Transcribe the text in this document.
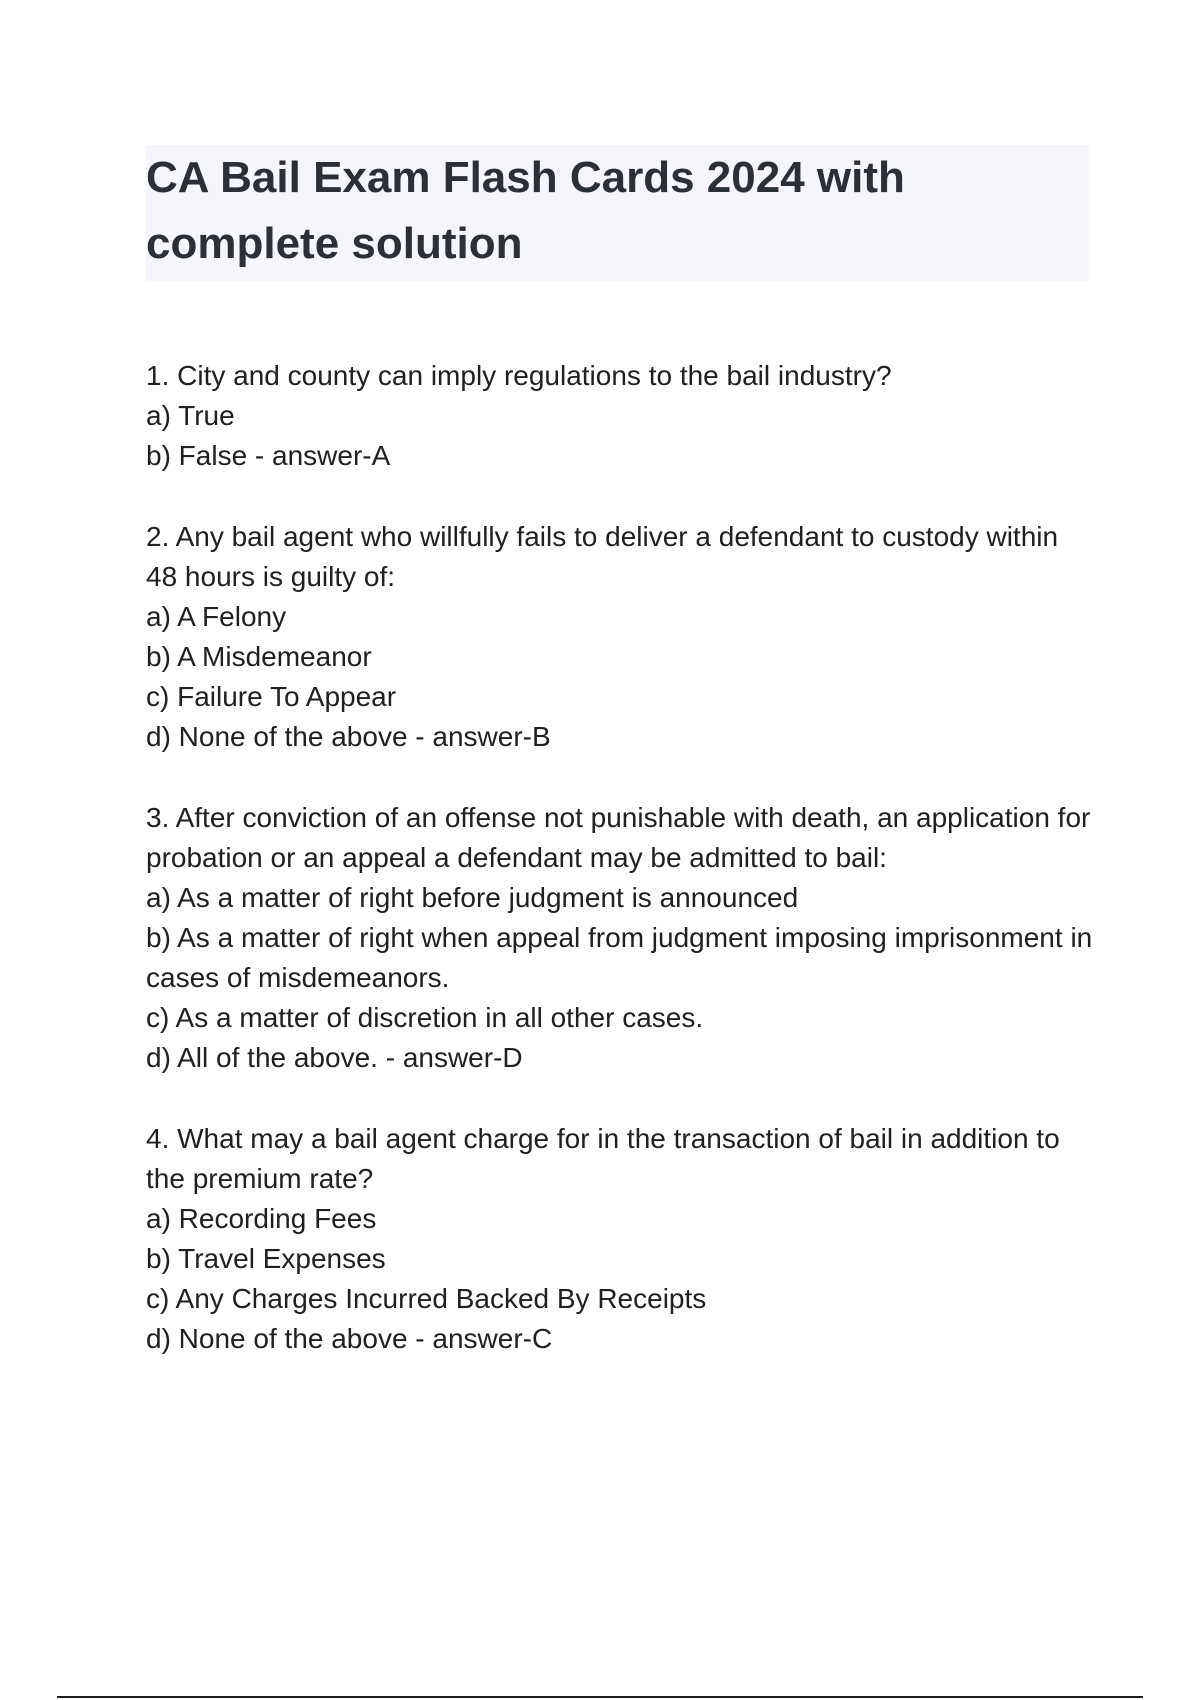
CA Bail Exam Flash Cards 2024 with complete solution
1. City and county can imply regulations to the bail industry?
a) True
b) False - answer-A
2. Any bail agent who willfully fails to deliver a defendant to custody within 48 hours is guilty of:
a) A Felony
b) A Misdemeanor
c) Failure To Appear
d) None of the above - answer-B
3. After conviction of an offense not punishable with death, an application for probation or an appeal a defendant may be admitted to bail:
a) As a matter of right before judgment is announced
b) As a matter of right when appeal from judgment imposing imprisonment in cases of misdemeanors.
c) As a matter of discretion in all other cases.
d) All of the above. - answer-D
4. What may a bail agent charge for in the transaction of bail in addition to the premium rate?
a) Recording Fees
b) Travel Expenses
c) Any Charges Incurred Backed By Receipts
d) None of the above - answer-C
